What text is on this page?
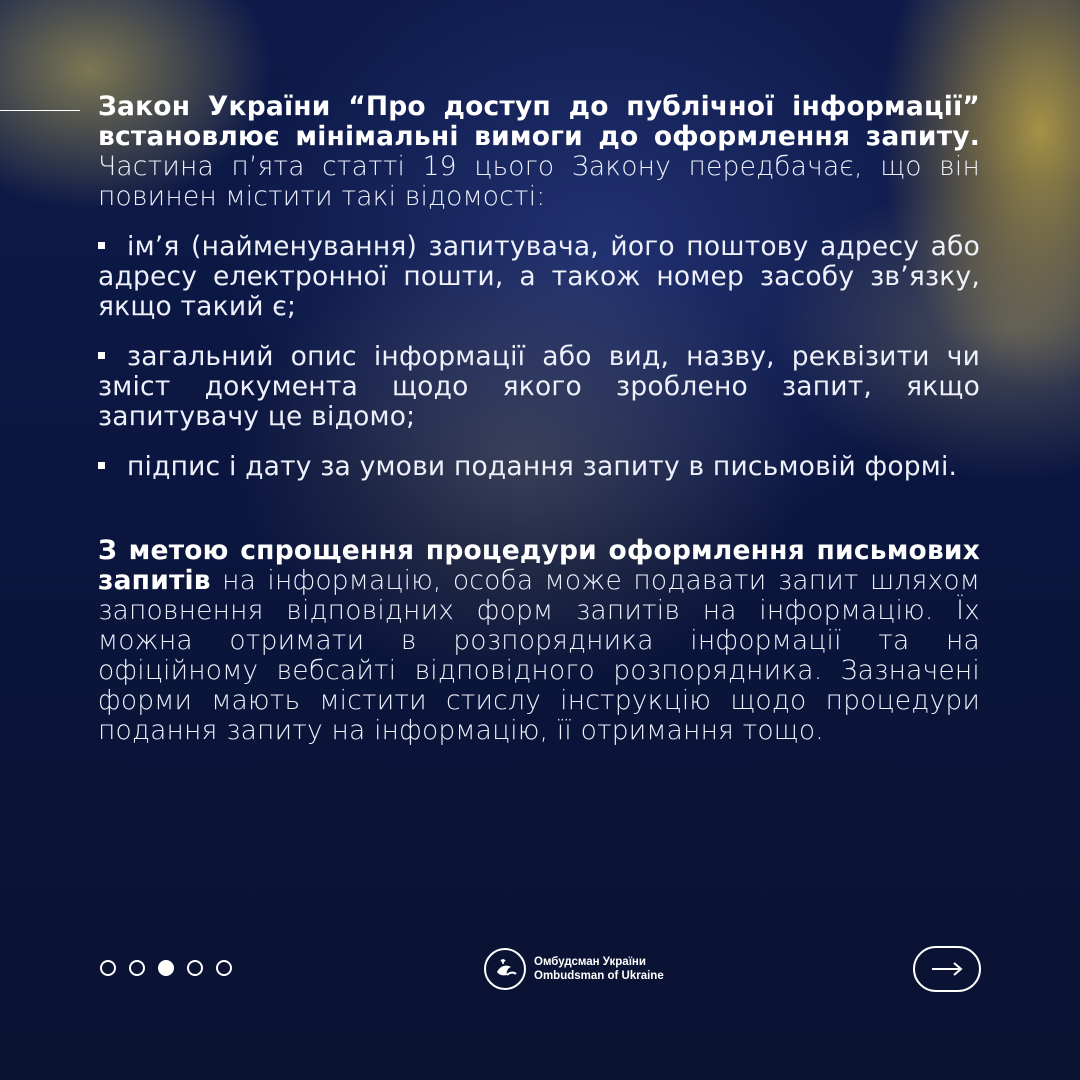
Закон України “Про доступ до публічної інформації” встановлює мінімальні вимоги до оформлення запиту. Частина п’ята статті 19 цього Закону передбачає, що він повинен містити такі відомості:

ім’я (найменування) запитувача, його поштову адресу або адресу електронної пошти, а також номер засобу зв’язку, якщо такий є;
загальний опис інформації або вид, назву, реквізити чи зміст документа щодо якого зроблено запит, якщо запитувачу це відомо;
підпис і дату за умови подання запиту в письмовій формі.

З метою спрощення процедури оформлення письмових запитів на інформацію, особа може подавати запит шляхом заповнення відповідних форм запитів на інформацію. Їх можна отримати в розпорядника інформації та на офіційному вебсайті відповідного розпорядника. Зазначені форми мають містити стислу інструкцію щодо процедури подання запиту на інформацію, її отримання тощо.

Омбудсман України
Ombudsman of Ukraine
